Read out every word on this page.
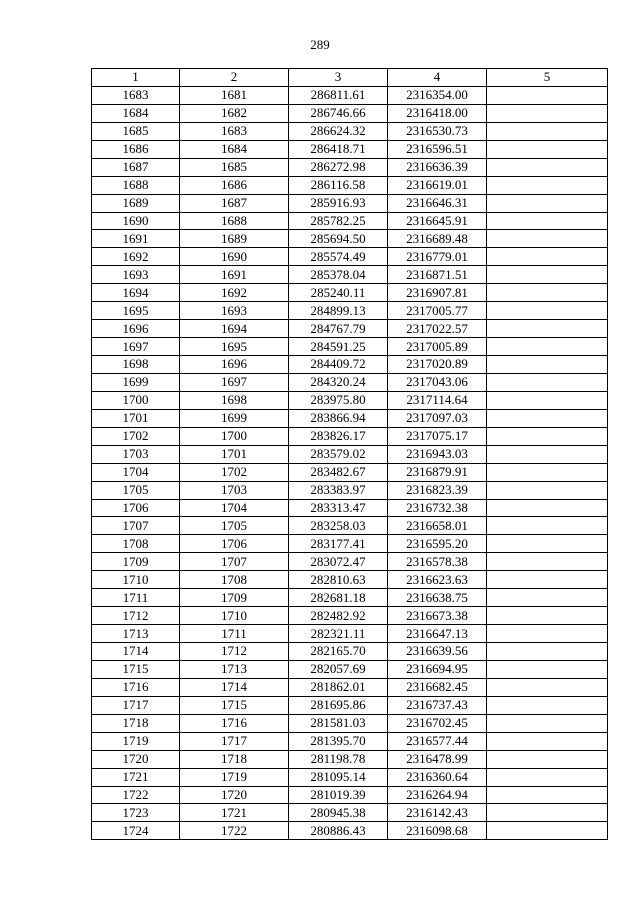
289
1	2	3	4	5
1683	1681	286811.61	2316354.00	
1684	1682	286746.66	2316418.00	
1685	1683	286624.32	2316530.73	
1686	1684	286418.71	2316596.51	
1687	1685	286272.98	2316636.39	
1688	1686	286116.58	2316619.01	
1689	1687	285916.93	2316646.31	
1690	1688	285782.25	2316645.91	
1691	1689	285694.50	2316689.48	
1692	1690	285574.49	2316779.01	
1693	1691	285378.04	2316871.51	
1694	1692	285240.11	2316907.81	
1695	1693	284899.13	2317005.77	
1696	1694	284767.79	2317022.57	
1697	1695	284591.25	2317005.89	
1698	1696	284409.72	2317020.89	
1699	1697	284320.24	2317043.06	
1700	1698	283975.80	2317114.64	
1701	1699	283866.94	2317097.03	
1702	1700	283826.17	2317075.17	
1703	1701	283579.02	2316943.03	
1704	1702	283482.67	2316879.91	
1705	1703	283383.97	2316823.39	
1706	1704	283313.47	2316732.38	
1707	1705	283258.03	2316658.01	
1708	1706	283177.41	2316595.20	
1709	1707	283072.47	2316578.38	
1710	1708	282810.63	2316623.63	
1711	1709	282681.18	2316638.75	
1712	1710	282482.92	2316673.38	
1713	1711	282321.11	2316647.13	
1714	1712	282165.70	2316639.56	
1715	1713	282057.69	2316694.95	
1716	1714	281862.01	2316682.45	
1717	1715	281695.86	2316737.43	
1718	1716	281581.03	2316702.45	
1719	1717	281395.70	2316577.44	
1720	1718	281198.78	2316478.99	
1721	1719	281095.14	2316360.64	
1722	1720	281019.39	2316264.94	
1723	1721	280945.38	2316142.43	
1724	1722	280886.43	2316098.68	
